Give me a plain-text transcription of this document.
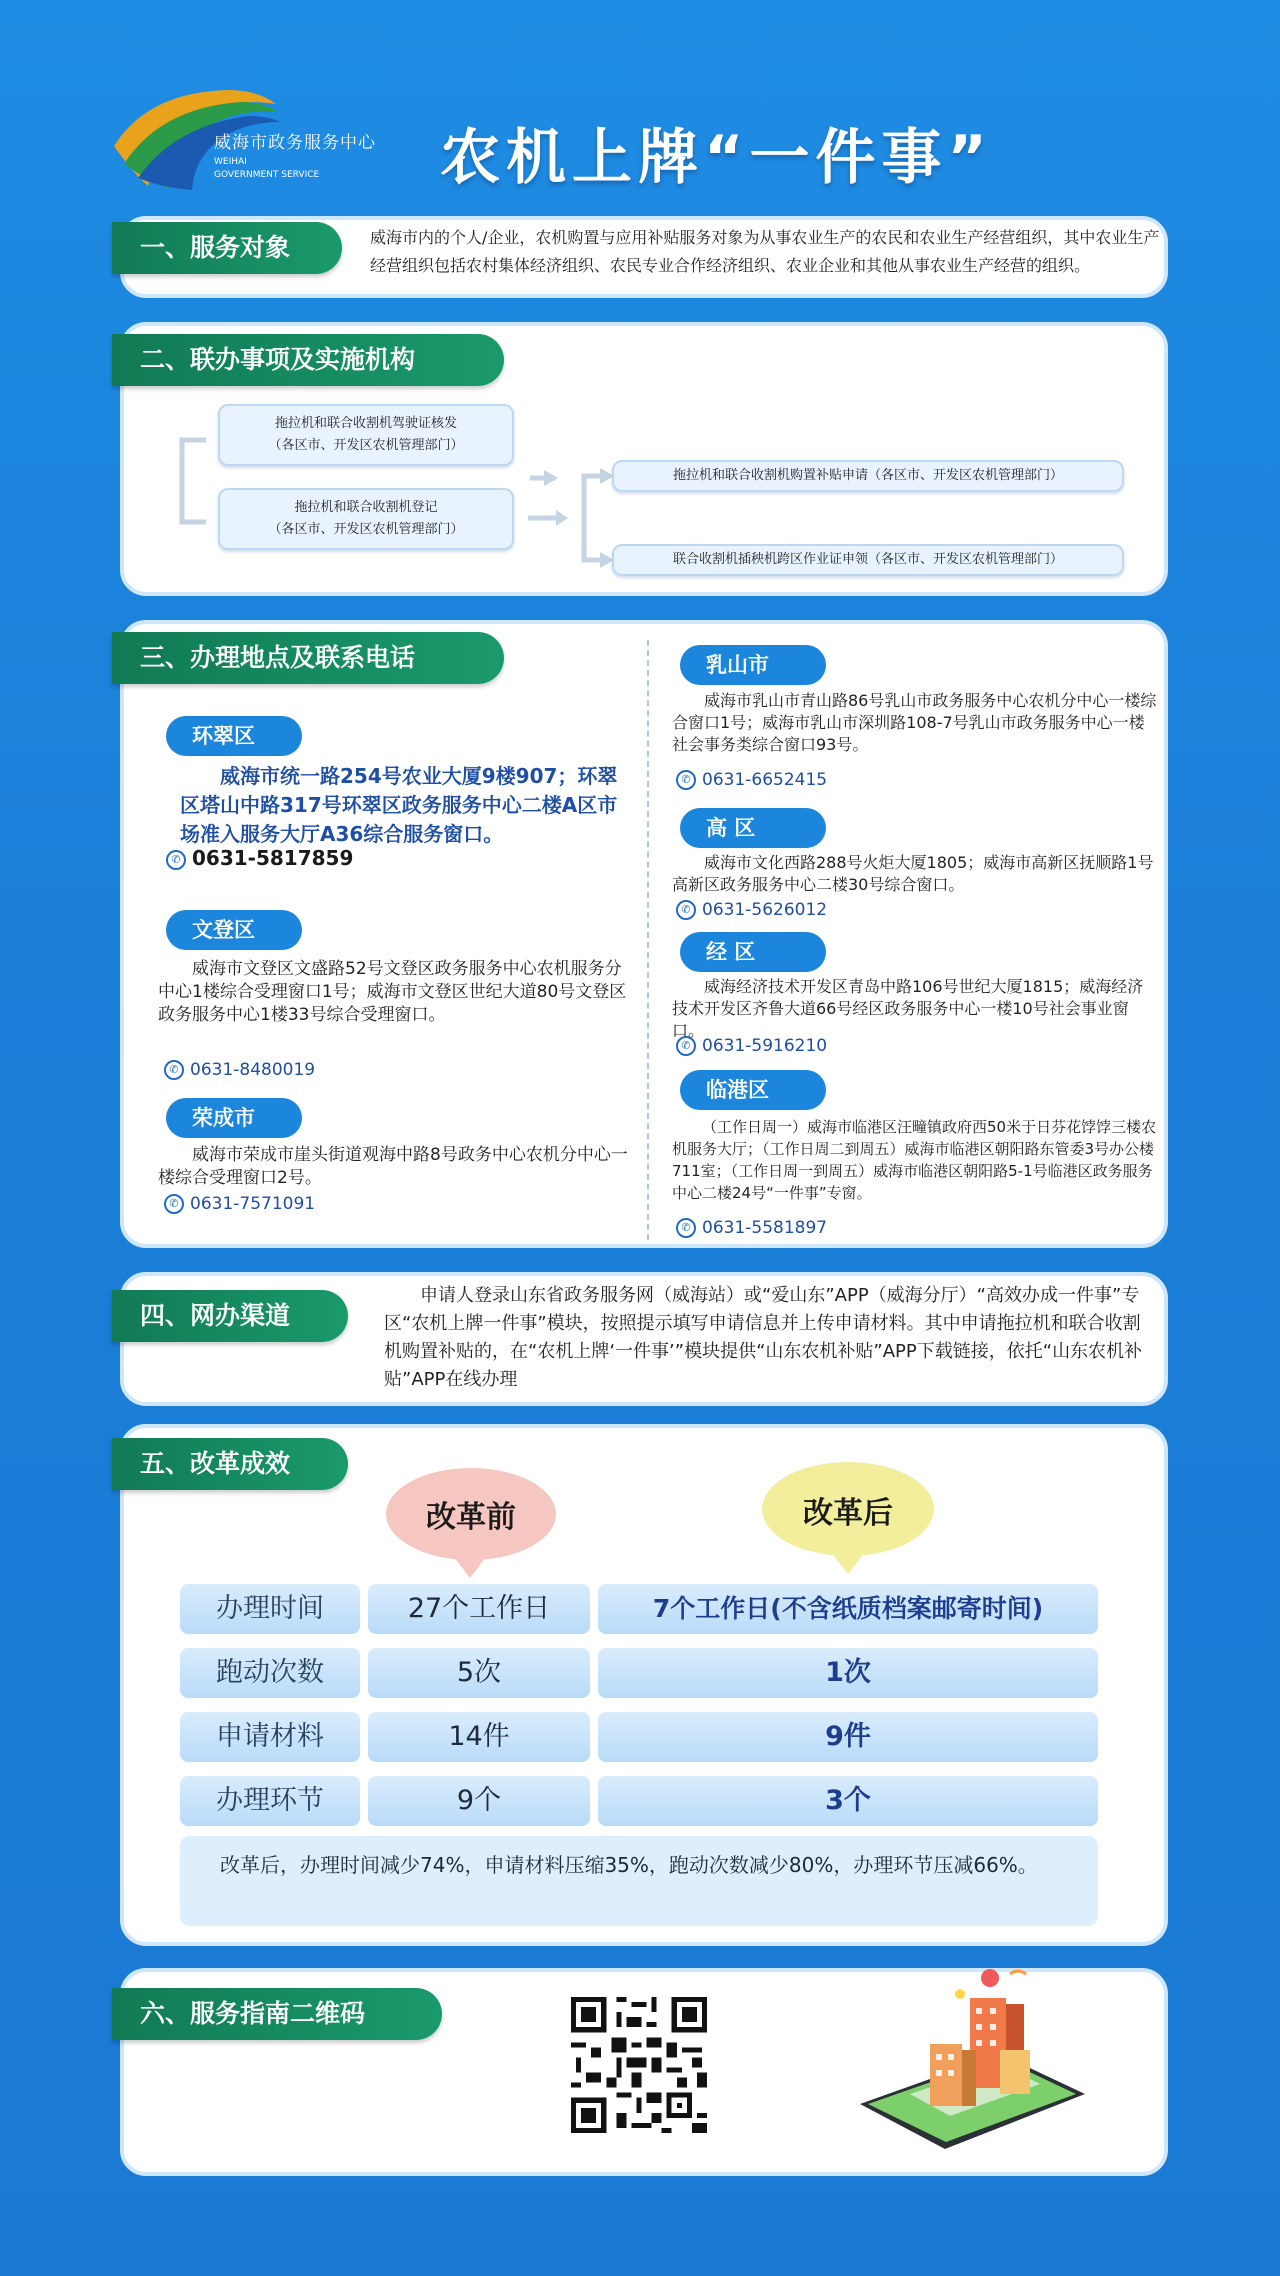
威海市政务服务中心
WEIHAI
GOVERNMENT SERVICE 农机上牌“一件事”
一、服务对象	威海市内的个人/企业，农机购置与应用补贴服务对象为从事农业生产的农民和农业生产经营组织，其中农业生产经营组织包括农村集体经济组织、农民专业合作经济组织、农业企业和其他从事农业生产经营的组织。
二、联办事项及实施机构
拖拉机和联合收割机驾驶证核发
（各区市、开发区农机管理部门）
拖拉机和联合收割机登记
（各区市、开发区农机管理部门）
拖拉机和联合收割机购置补贴申请（各区市、开发区农机管理部门）
联合收割机插秧机跨区作业证申领（各区市、开发区农机管理部门）
三、办理地点及联系电话
环翠区
威海市统一路254号农业大厦9楼907；环翠区塔山中路317号环翠区政务服务中心二楼A区市场准入服务大厅A36综合服务窗口。
✆ 0631-5817859
文登区
威海市文登区文盛路52号文登区政务服务中心农机服务分中心1楼综合受理窗口1号；威海市文登区世纪大道80号文登区政务服务中心1楼33号综合受理窗口。
✆ 0631-8480019
荣成市
威海市荣成市崖头街道观海中路8号政务中心农机分中心一楼综合受理窗口2号。
✆ 0631-7571091
乳山市
威海市乳山市青山路86号乳山市政务服务中心农机分中心一楼综合窗口1号；威海市乳山市深圳路108-7号乳山市政务服务中心一楼社会事务类综合窗口93号。
✆ 0631-6652415
高 区
威海市文化西路288号火炬大厦1805；威海市高新区抚顺路1号高新区政务服务中心二楼30号综合窗口。
✆ 0631-5626012
经 区
威海经济技术开发区青岛中路106号世纪大厦1815；威海经济技术开发区齐鲁大道66号经区政务服务中心一楼10号社会事业窗口。
✆ 0631-5916210
临港区
（工作日周一）威海市临港区汪疃镇政府西50米于日芬花饽饽三楼农机服务大厅；（工作日周二到周五）威海市临港区朝阳路东管委3号办公楼711室；（工作日周一到周五）威海市临港区朝阳路5-1号临港区政务服务中心二楼24号“一件事”专窗。
✆ 0631-5581897
四、网办渠道
申请人登录山东省政务服务网（威海站）或“爱山东”APP（威海分厅）“高效办成一件事”专区“农机上牌一件事”模块，按照提示填写申请信息并上传申请材料。其中申请拖拉机和联合收割机购置补贴的，在“农机上牌‘一件事’”模块提供“山东农机补贴”APP下载链接，依托“山东农机补贴”APP在线办理
五、改革成效
改革前	改革后
办理时间	27个工作日	7个工作日(不含纸质档案邮寄时间)
跑动次数	5次	1次
申请材料	14件	9件
办理环节	9个	3个
改革后，办理时间减少74%，申请材料压缩35%，跑动次数减少80%，办理环节压减66%。
六、服务指南二维码
